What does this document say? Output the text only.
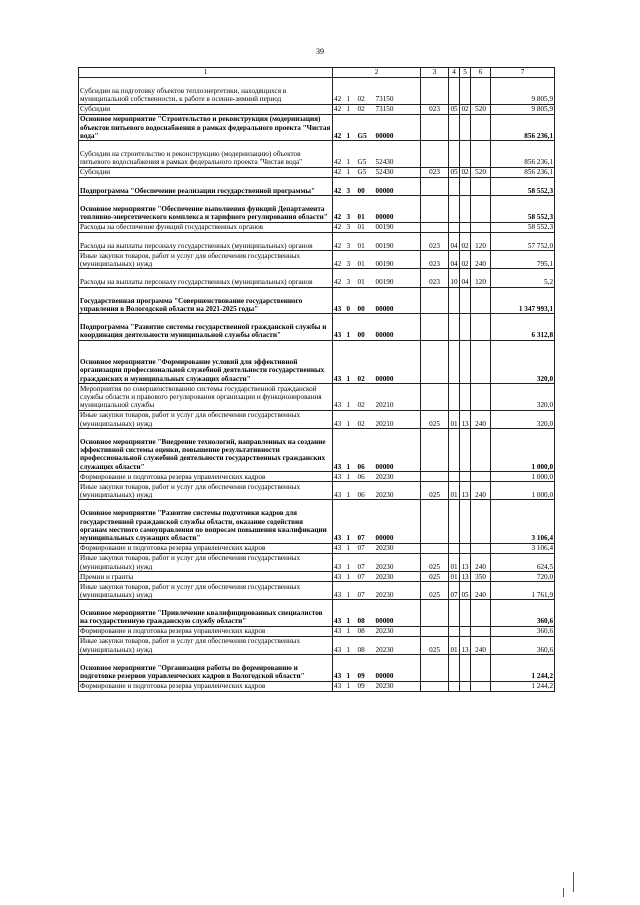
39
1	2				3	4	5	6	7
Субсидии на подготовку объектов теплоэнергетики, находящихся в муниципальной собственности, к работе в осенне-зимний период	42	1	02	73150					9 805,9
Субсидии	42	1	02	73150	023	05	02	520	9 805,9
Основное мероприятие "Строительство и реконструкция (модернизация) объектов питьевого водоснабжения в рамках федерального проекта "Чистая вода"	42	1	G5	00000					856 236,1
Субсидии на строительство и реконструкцию (модернизацию) объектов питьевого водоснабжения в рамках федерального проекта "Чистая вода"	42	1	G5	52430					856 236,1
Субсидии	42	1	G5	52430	023	05	02	520	856 236,1
Подпрограмма "Обеспечение реализации государственной программы"	42	3	00	00000					58 552,3
Основное мероприятие "Обеспечение выполнения функций Департамента топливно-энергетического комплекса и тарифного регулирования области"	42	3	01	00000					58 552,3
Расходы на обеспечение функций государственных органов	42	3	01	00190					58 552,3
Расходы на выплаты персоналу государственных (муниципальных) органов	42	3	01	00190	023	04	02	120	57 752,0
Иные закупки товаров, работ и услуг для обеспечения государственных (муниципальных) нужд	42	3	01	00190	023	04	02	240	795,1
Расходы на выплаты персоналу государственных (муниципальных) органов	42	3	01	00190	023	10	04	120	5,2
Государственная программа "Совершенствование государственного управления в Вологодской области на 2021-2025 годы"	43	0	00	00000					1 347 993,1
Подпрограмма "Развитие системы государственной гражданской службы и координация деятельности муниципальной службы области"	43	1	00	00000					6 312,8
Основное мероприятие "Формирование условий для эффективной организации профессиональной служебной деятельности государственных гражданских и муниципальных служащих области"	43	1	02	00000					320,0
Мероприятия по совершенствованию системы государственной гражданской службы области и правового регулирования организации и функционирования муниципальной службы	43	1	02	20210					320,0
Иные закупки товаров, работ и услуг для обеспечения государственных (муниципальных) нужд	43	1	02	20210	025	01	13	240	320,0
Основное мероприятие "Внедрение технологий, направленных на создание эффективной системы оценки, повышение результативности профессиональной служебной деятельности государственных гражданских служащих области"	43	1	06	00000					1 000,0
Формирование и подготовка резерва управленческих кадров	43	1	06	20230					1 000,0
Иные закупки товаров, работ и услуг для обеспечения государственных (муниципальных) нужд	43	1	06	20230	025	01	13	240	1 000,0
Основное мероприятие "Развитие системы подготовки кадров для государственной гражданской службы области, оказание содействия органам местного самоуправления по вопросам повышения квалификации муниципальных служащих области"	43	1	07	00000					3 106,4
Формирование и подготовка резерва управленческих кадров	43	1	07	20230					3 106,4
Иные закупки товаров, работ и услуг для обеспечения государственных (муниципальных) нужд	43	1	07	20230	025	01	13	240	624,5
Премии и гранты	43	1	07	20230	025	01	13	350	720,0
Иные закупки товаров, работ и услуг для обеспечения государственных (муниципальных) нужд	43	1	07	20230	025	07	05	240	1 761,9
Основное мероприятие "Привлечение квалифицированных специалистов на государственную гражданскую службу области"	43	1	08	00000					360,6
Формирование и подготовка резерва управленческих кадров	43	1	08	20230					360,6
Иные закупки товаров, работ и услуг для обеспечения государственных (муниципальных) нужд	43	1	08	20230	025	01	13	240	360,6
Основное мероприятие "Организация работы по формированию и подготовке резервов управленческих кадров в Вологодской области"	43	1	09	00000					1 244,2
Формирование и подготовка резерва управленческих кадров	43	1	09	20230					1 244,2
